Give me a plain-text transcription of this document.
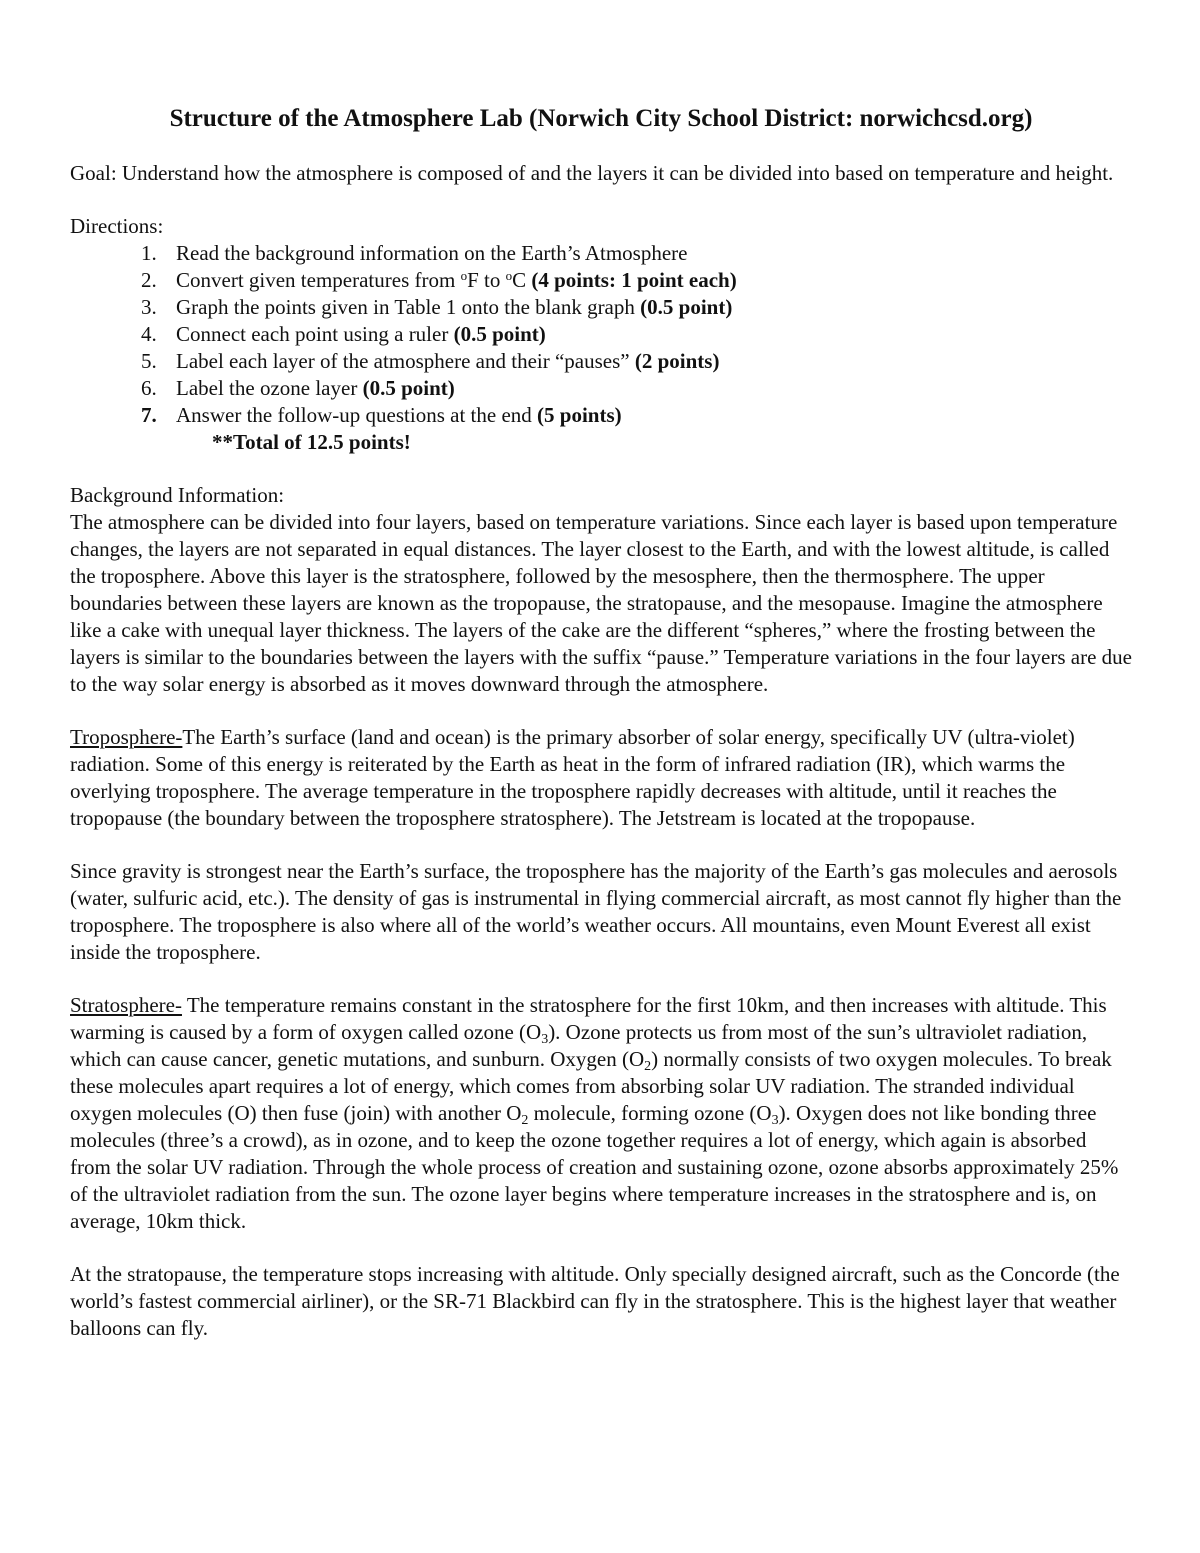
Structure of the Atmosphere Lab (Norwich City School District: norwichcsd.org)

Goal: Understand how the atmosphere is composed of and the layers it can be divided into based on temperature and height.

Directions:

1. Read the background information on the Earth’s Atmosphere
2. Convert given temperatures from $^o$F to $^o$C (4 points: 1 point each)
3. Graph the points given in Table 1 onto the blank graph (0.5 point)
4. Connect each point using a ruler (0.5 point)
5. Label each layer of the atmosphere and their “pauses” (2 points)
6. Label the ozone layer (0.5 point)
7. Answer the follow-up questions at the end (5 points)

**Total of 12.5 points!

Background Information:

The atmosphere can be divided into four layers, based on temperature variations. Since each layer is based upon temperature changes, the layers are not separated in equal distances. The layer closest to the Earth, and with the lowest altitude, is called the troposphere. Above this layer is the stratosphere, followed by the mesosphere, then the thermosphere. The upper boundaries between these layers are known as the tropopause, the stratopause, and the mesopause. Imagine the atmosphere like a cake with unequal layer thickness. The layers of the cake are the different “spheres,” where the frosting between the layers is similar to the boundaries between the layers with the suffix “pause.” Temperature variations in the four layers are due to the way solar energy is absorbed as it moves downward through the atmosphere.

Troposphere-The Earth’s surface (land and ocean) is the primary absorber of solar energy, specifically UV (ultra-violet) radiation. Some of this energy is reiterated by the Earth as heat in the form of infrared radiation (IR), which warms the overlying troposphere. The average temperature in the troposphere rapidly decreases with altitude, until it reaches the tropopause (the boundary between the troposphere stratosphere). The Jetstream is located at the tropopause.

Since gravity is strongest near the Earth’s surface, the troposphere has the majority of the Earth’s gas molecules and aerosols (water, sulfuric acid, etc.). The density of gas is instrumental in flying commercial aircraft, as most cannot fly higher than the troposphere. The troposphere is also where all of the world’s weather occurs. All mountains, even Mount Everest all exist inside the troposphere.

Stratosphere- The temperature remains constant in the stratosphere for the first 10km, and then increases with altitude. This warming is caused by a form of oxygen called ozone $(O_3)$. Ozone protects us from most of the sun’s ultraviolet radiation, which can cause cancer, genetic mutations, and sunburn. Oxygen $(O_2)$ normally consists of two oxygen molecules. To break these molecules apart requires a lot of energy, which comes from absorbing solar UV radiation. The stranded individual oxygen molecules (O) then fuse (join) with another $O_2$ molecule, forming ozone $(O_3)$. Oxygen does not like bonding three molecules (three’s a crowd), as in ozone, and to keep the ozone together requires a lot of energy, which again is absorbed from the solar UV radiation. Through the whole process of creation and sustaining ozone, ozone absorbs approximately 25% of the ultraviolet radiation from the sun. The ozone layer begins where temperature increases in the stratosphere and is, on average, 10km thick.

At the stratopause, the temperature stops increasing with altitude. Only specially designed aircraft, such as the Concorde (the world’s fastest commercial airliner), or the SR-71 Blackbird can fly in the stratosphere. This is the highest layer that weather balloons can fly.
